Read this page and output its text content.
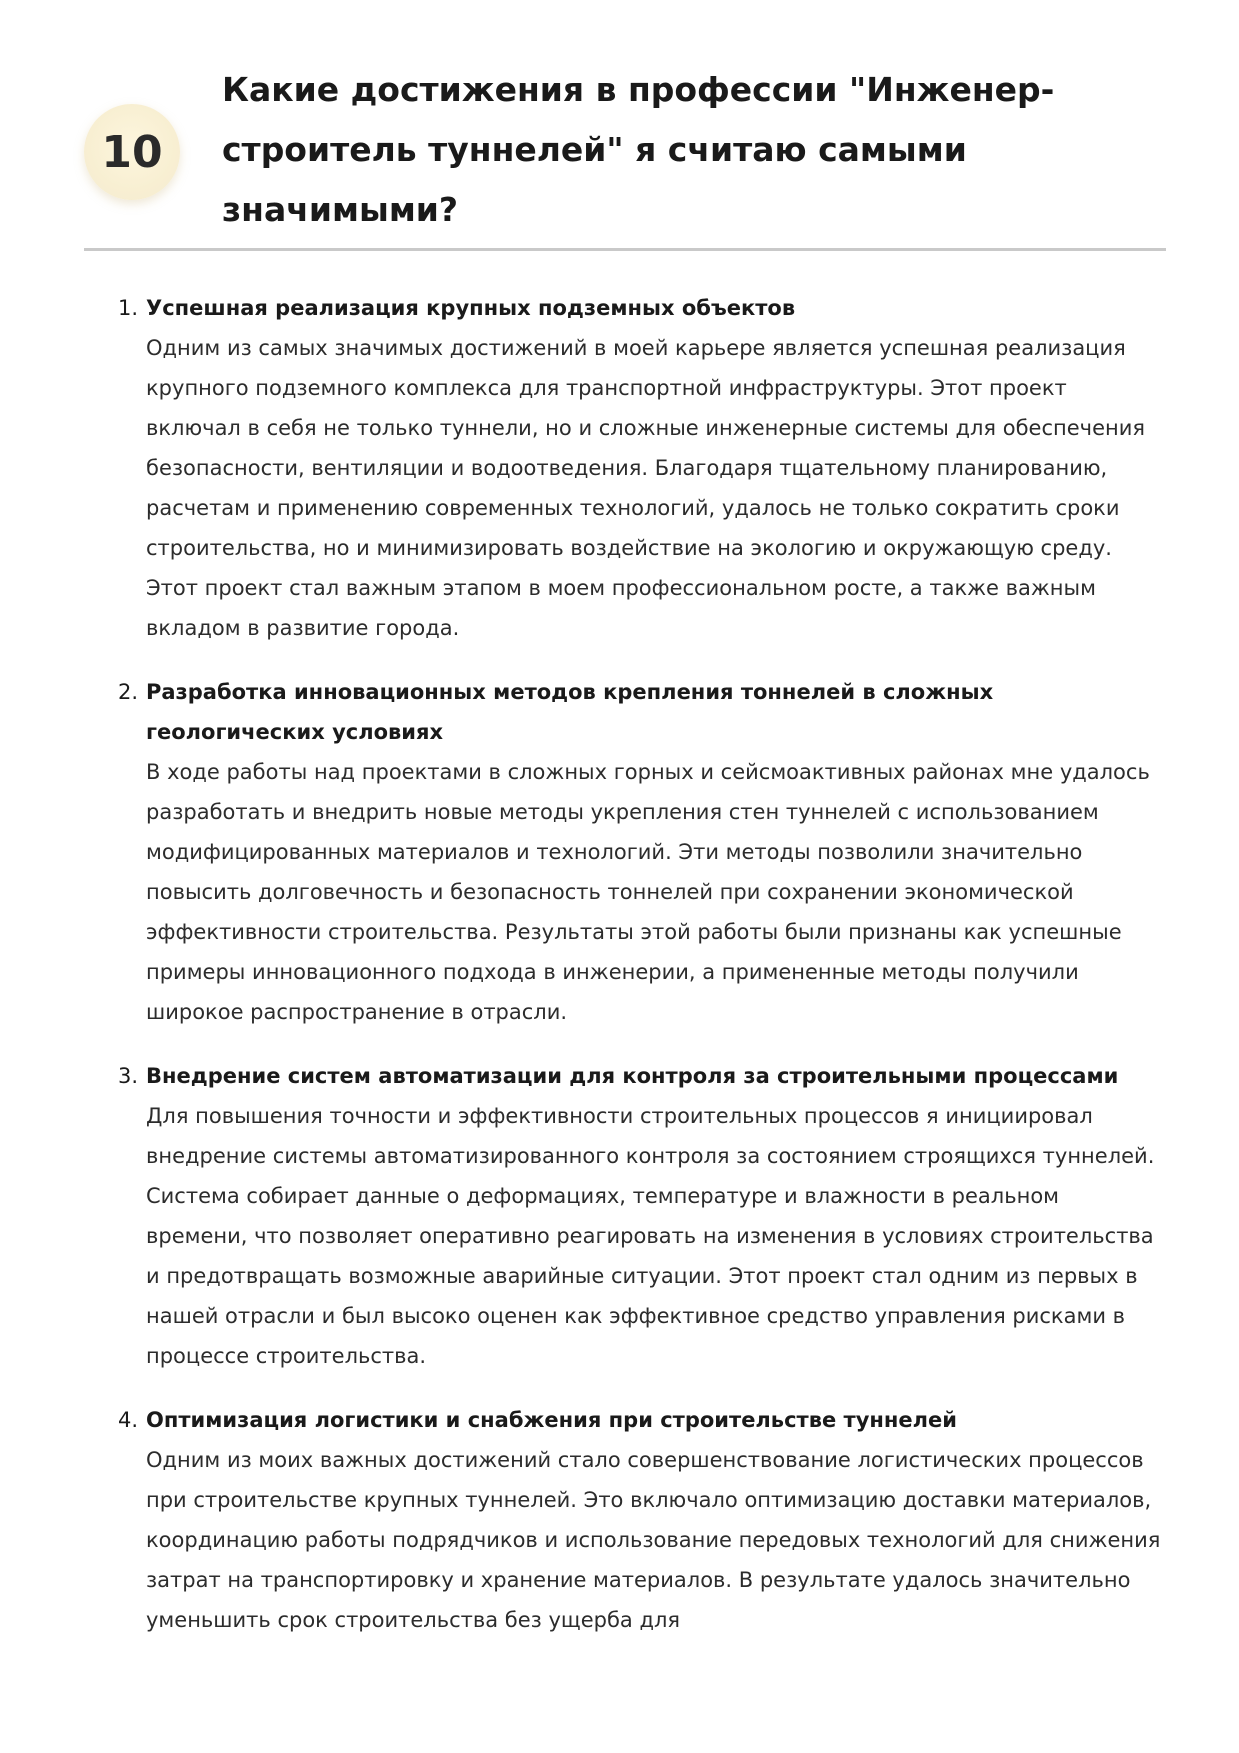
10
Какие достижения в профессии "Инженер-строитель туннелей" я считаю самыми значимыми?
1. Успешная реализация крупных подземных объектов
Одним из самых значимых достижений в моей карьере является успешная реализация крупного подземного комплекса для транспортной инфраструктуры. Этот проект включал в себя не только туннели, но и сложные инженерные системы для обеспечения безопасности, вентиляции и водоотведения. Благодаря тщательному планированию, расчетам и применению современных технологий, удалось не только сократить сроки строительства, но и минимизировать воздействие на экологию и окружающую среду. Этот проект стал важным этапом в моем профессиональном росте, а также важным вкладом в развитие города.
2. Разработка инновационных методов крепления тоннелей в сложных геологических условиях
В ходе работы над проектами в сложных горных и сейсмоактивных районах мне удалось разработать и внедрить новые методы укрепления стен туннелей с использованием модифицированных материалов и технологий. Эти методы позволили значительно повысить долговечность и безопасность тоннелей при сохранении экономической эффективности строительства. Результаты этой работы были признаны как успешные примеры инновационного подхода в инженерии, а примененные методы получили широкое распространение в отрасли.
3. Внедрение систем автоматизации для контроля за строительными процессами
Для повышения точности и эффективности строительных процессов я инициировал внедрение системы автоматизированного контроля за состоянием строящихся туннелей. Система собирает данные о деформациях, температуре и влажности в реальном времени, что позволяет оперативно реагировать на изменения в условиях строительства и предотвращать возможные аварийные ситуации. Этот проект стал одним из первых в нашей отрасли и был высоко оценен как эффективное средство управления рисками в процессе строительства.
4. Оптимизация логистики и снабжения при строительстве туннелей
Одним из моих важных достижений стало совершенствование логистических процессов при строительстве крупных туннелей. Это включало оптимизацию доставки материалов, координацию работы подрядчиков и использование передовых технологий для снижения затрат на транспортировку и хранение материалов. В результате удалось значительно уменьшить срок строительства без ущерба для
